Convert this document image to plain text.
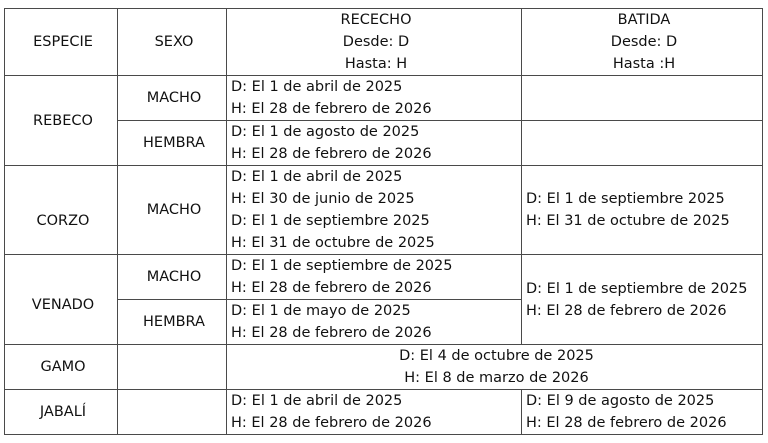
ESPECIE	SEXO	RECECHO
Desde: D
Hasta: H	BATIDA
Desde: D
Hasta :H

REBECO	MACHO	D: El 1 de abril de 2025
H: El 28 de febrero de 2026	

	HEMBRA	D: El 1 de agosto de 2025
H: El 28 de febrero de 2026	

CORZO	MACHO	D: El 1 de abril de 2025
H: El 30 de junio de 2025
D: El 1 de septiembre 2025
H: El 31 de octubre de 2025	D: El 1 de septiembre 2025
H: El 31 de octubre de 2025

VENADO	MACHO	D: El 1 de septiembre de 2025
H: El 28 de febrero de 2026	D: El 1 de septiembre de 2025
H: El 28 de febrero de 2026

	HEMBRA	D: El 1 de mayo de 2025
H: El 28 de febrero de 2026	

GAMO		D: El 4 de octubre de 2025
H: El 8 de marzo de 2026	

JABALÍ		D: El 1 de abril de 2025
H: El 28 de febrero de 2026	D: El 9 de agosto de 2025
H: El 28 de febrero de 2026
